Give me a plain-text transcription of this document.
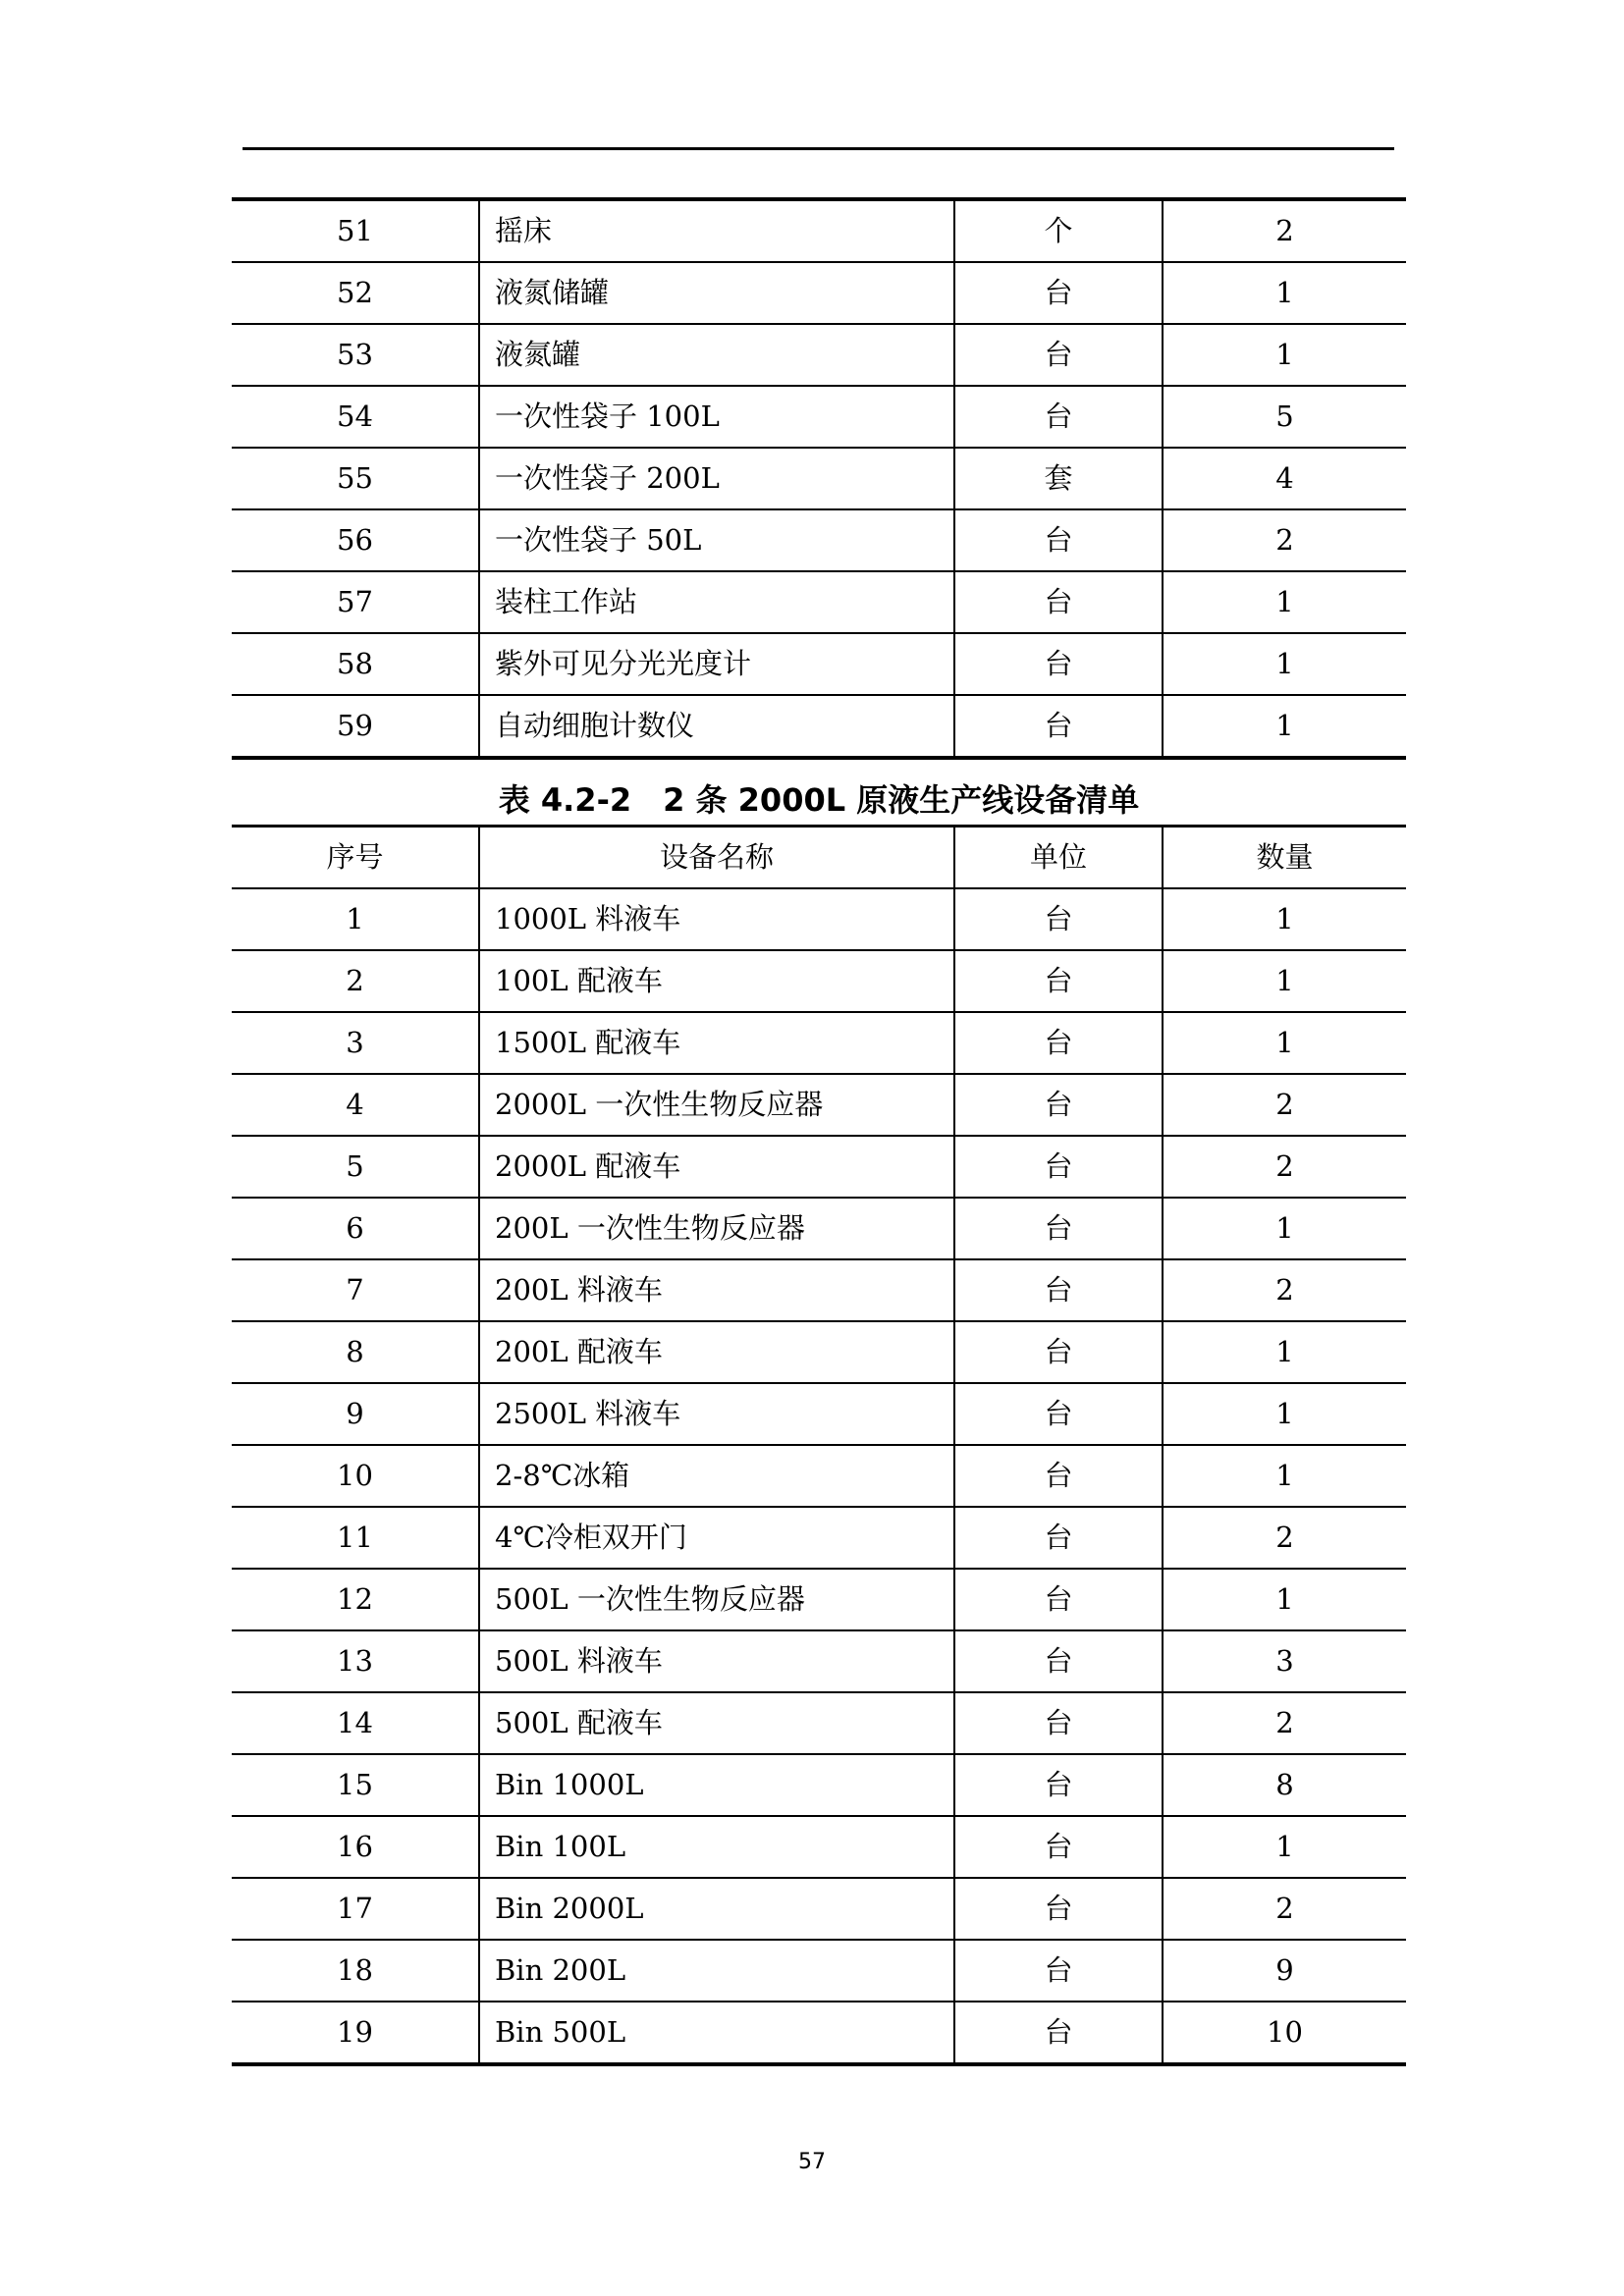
51	摇床	个	2
52	液氮储罐	台	1
53	液氮罐	台	1
54	一次性袋子 100L	台	5
55	一次性袋子 200L	套	4
56	一次性袋子 50L	台	2
57	装柱工作站	台	1
58	紫外可见分光光度计	台	1
59	自动细胞计数仪	台	1
表 4.2-2　2 条 2000L 原液生产线设备清单
序号	设备名称	单位	数量
1	1000L 料液车	台	1
2	100L 配液车	台	1
3	1500L 配液车	台	1
4	2000L 一次性生物反应器	台	2
5	2000L 配液车	台	2
6	200L 一次性生物反应器	台	1
7	200L 料液车	台	2
8	200L 配液车	台	1
9	2500L 料液车	台	1
10	2-8℃冰箱	台	1
11	4℃冷柜双开门	台	2
12	500L 一次性生物反应器	台	1
13	500L 料液车	台	3
14	500L 配液车	台	2
15	Bin 1000L	台	8
16	Bin 100L	台	1
17	Bin 2000L	台	2
18	Bin 200L	台	9
19	Bin 500L	台	10
57
